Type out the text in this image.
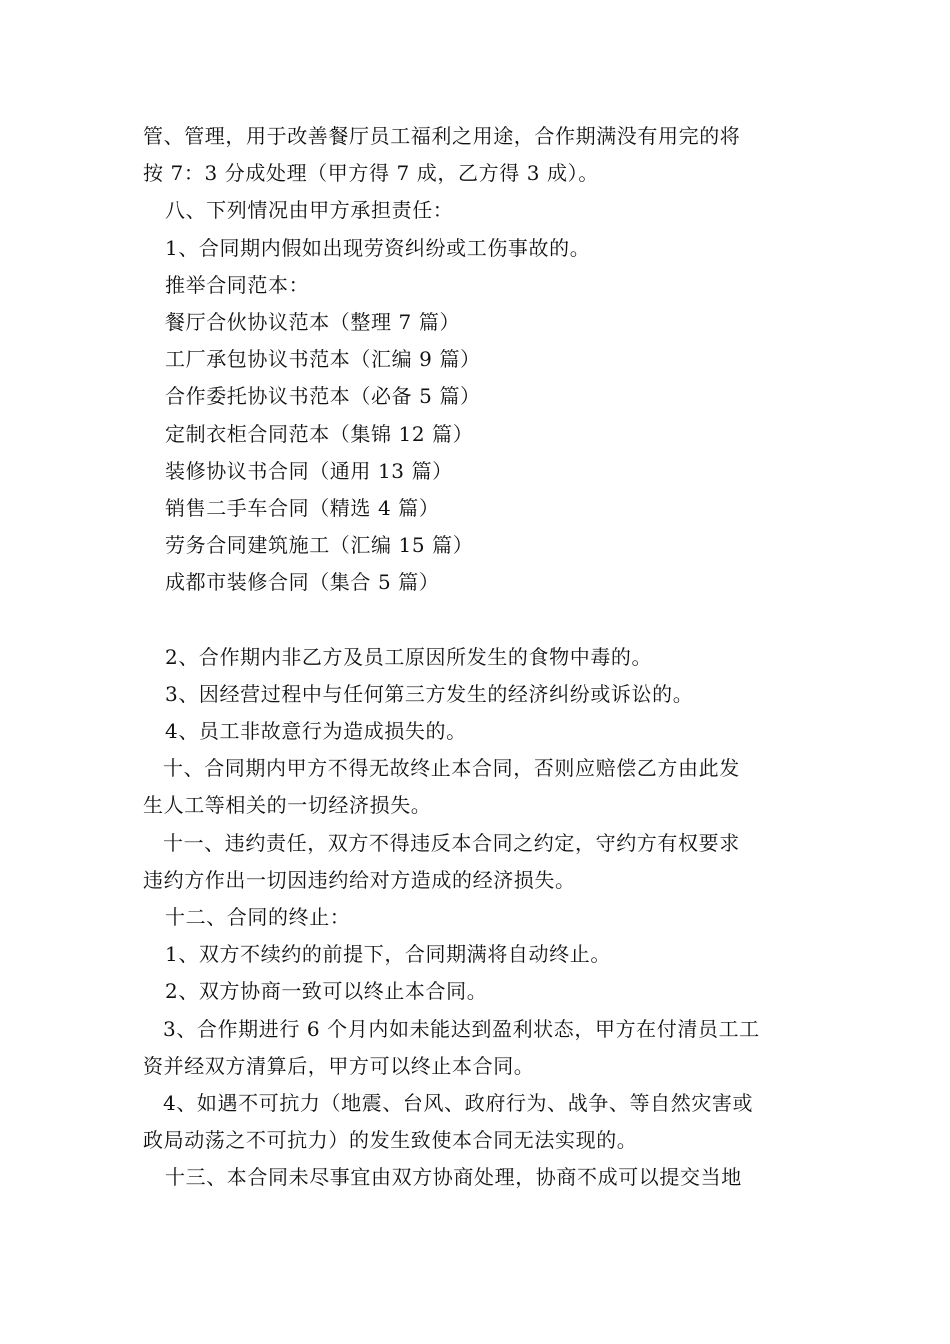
管、管理，用于改善餐厅员工福利之用途，合作期满没有用完的将
按 7：3 分成处理（甲方得 7 成，乙方得 3 成）。
八、下列情况由甲方承担责任：
1、合同期内假如出现劳资纠纷或工伤事故的。
推举合同范本：
餐厅合伙协议范本（整理 7 篇）
工厂承包协议书范本（汇编 9 篇）
合作委托协议书范本（必备 5 篇）
定制衣柜合同范本（集锦 12 篇）
装修协议书合同（通用 13 篇）
销售二手车合同（精选 4 篇）
劳务合同建筑施工（汇编 15 篇）
成都市装修合同（集合 5 篇）
2、合作期内非乙方及员工原因所发生的食物中毒的。
3、因经营过程中与任何第三方发生的经济纠纷或诉讼的。
4、员工非故意行为造成损失的。
十、合同期内甲方不得无故终止本合同，否则应赔偿乙方由此发
生人工等相关的一切经济损失。
十一、违约责任，双方不得违反本合同之约定，守约方有权要求
违约方作出一切因违约给对方造成的经济损失。
十二、合同的终止：
1、双方不续约的前提下，合同期满将自动终止。
2、双方协商一致可以终止本合同。
3、合作期进行 6 个月内如未能达到盈利状态，甲方在付清员工工
资并经双方清算后，甲方可以终止本合同。
4、如遇不可抗力（地震、台风、政府行为、战争、等自然灾害或
政局动荡之不可抗力）的发生致使本合同无法实现的。
十三、本合同未尽事宜由双方协商处理，协商不成可以提交当地
